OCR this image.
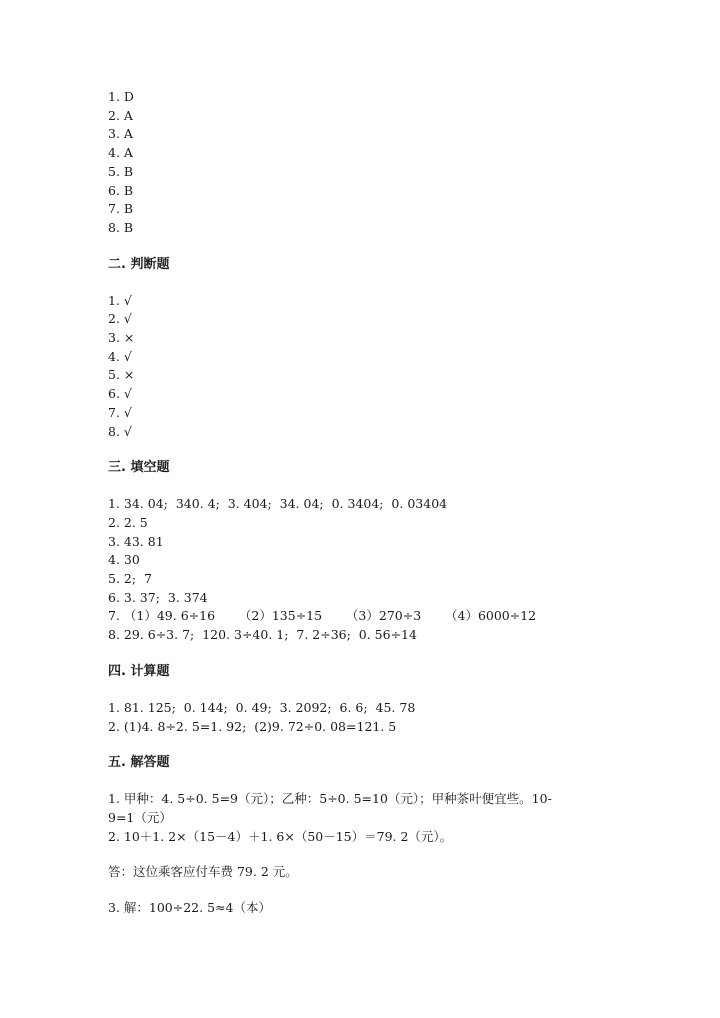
1. D
2. A
3. A
4. A
5. B
6. B
7. B
8. B
二. 判断题
1. √
2. √
3. ×
4. √
5. ×
6. √
7. √
8. √
三. 填空题
1. 34. 04;  340. 4;  3. 404;  34. 04;  0. 3404;  0. 03404
2. 2. 5
3. 43. 81
4. 30
5. 2;  7
6. 3. 37;  3. 374
7. （1）49. 6÷16      （2）135÷15      （3）270÷3      （4）6000÷12
8. 29. 6÷3. 7;  120. 3÷40. 1;  7. 2÷36;  0. 56÷14
四. 计算题
1. 81. 125;  0. 144;  0. 49;  3. 2092;  6. 6;  45. 78
2. (1)4. 8÷2. 5=1. 92;  (2)9. 72÷0. 08=121. 5
五. 解答题
1. 甲种：4. 5÷0. 5=9（元）；乙种：5÷0. 5=10（元）；甲种茶叶便宜些。10-
9=1（元）
2. 10＋1. 2×（15－4）＋1. 6×（50－15）＝79. 2（元）。
答：这位乘客应付车费 79. 2 元。
3. 解：100÷22. 5≈4（本）
